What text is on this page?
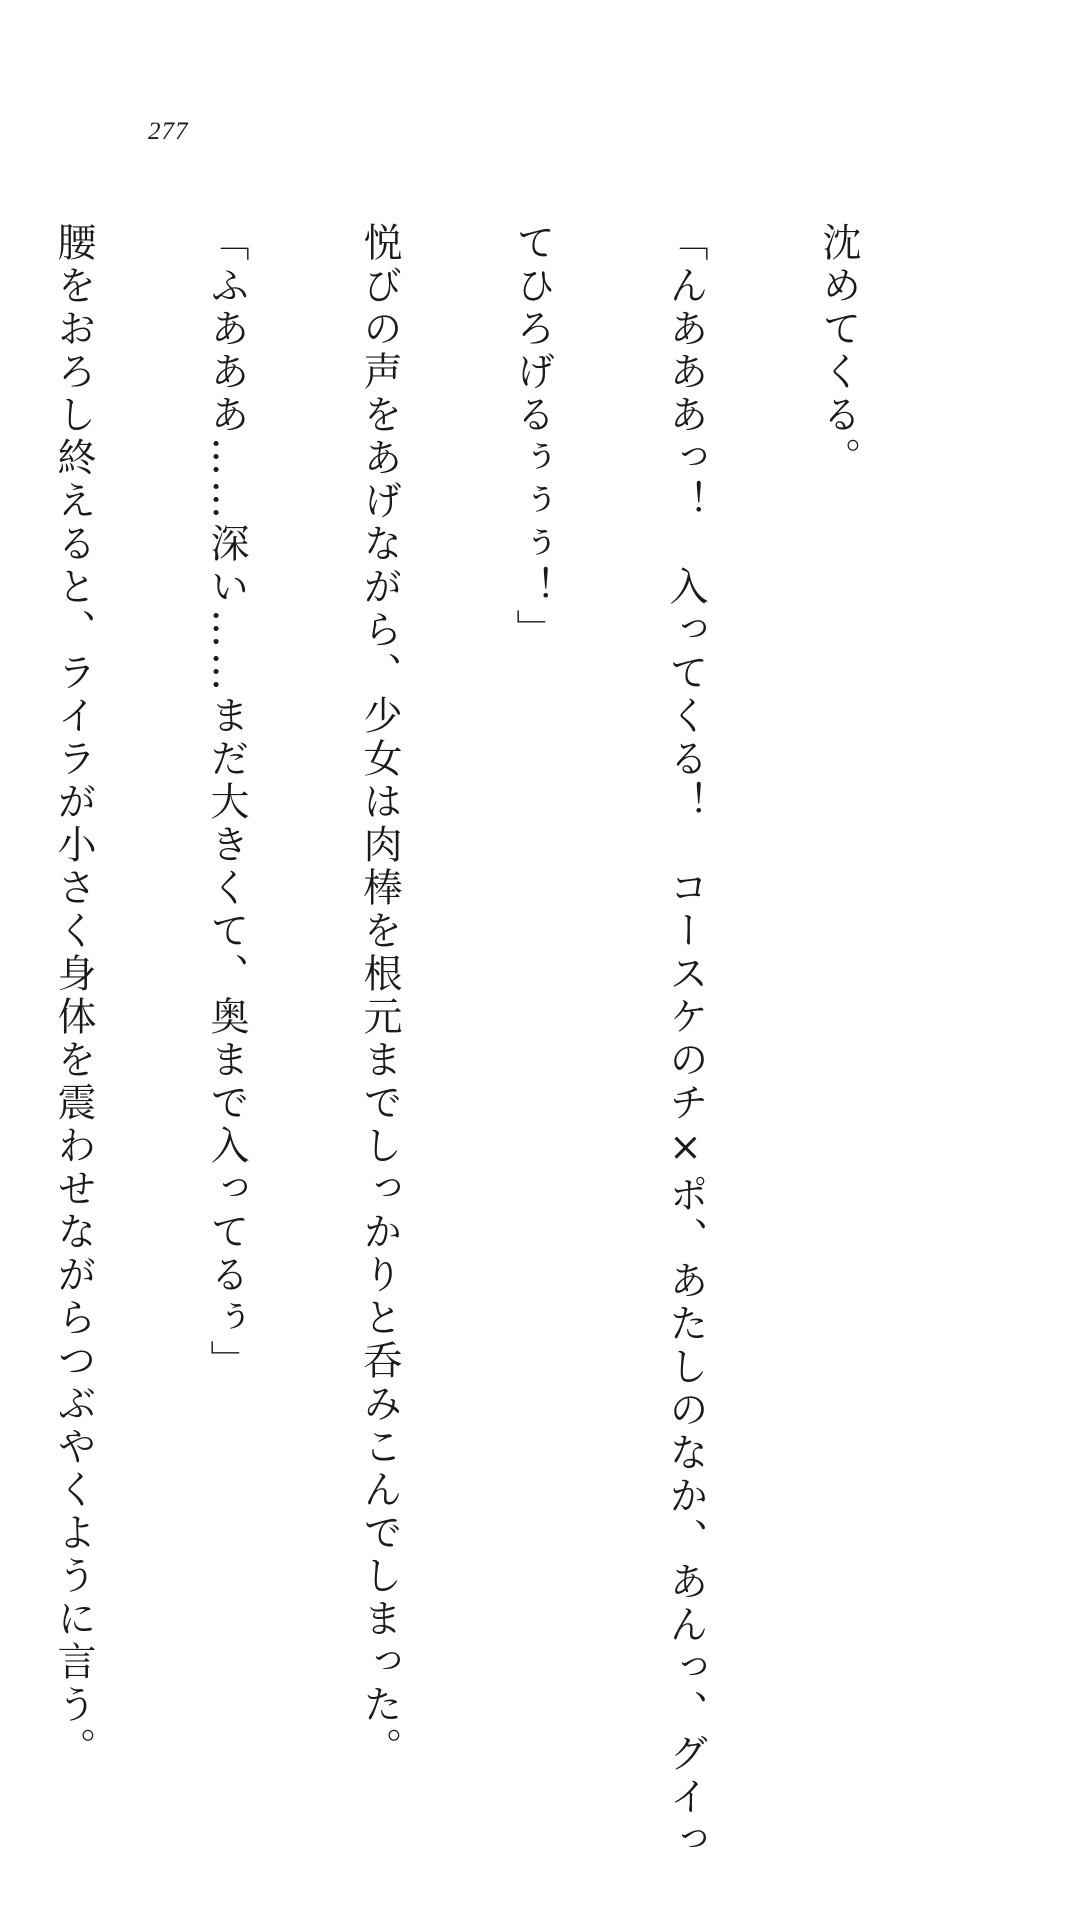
277

沈めてくる。

「んあああっ！　入ってくる！　コースケのチ×ポ、あたしのなか、あんっ、グイっ

てひろげるぅぅぅ！」

悦びの声をあげながら、少女は肉棒を根元までしっかりと呑みこんでしまった。

「ふあああ……深い……まだ大きくて、奥まで入ってるぅ」

腰をおろし終えると、ライラが小さく身体を震わせながらつぶやくように言う。
